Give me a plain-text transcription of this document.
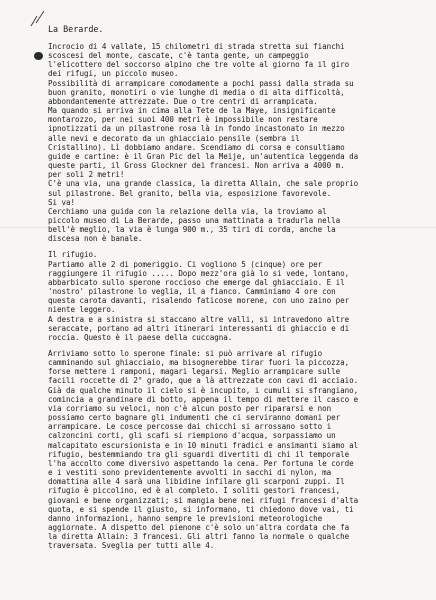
La Berarde.
Incrocio di 4 vallate, 15 chilometri di strada stretta sui fianchi
scoscesi del monte, cascate, c'è tanta gente, un campeggio
l'elicottero del soccorso alpino che tre volte al giorno fa il giro
dei rifugi, un piccolo museo.
Possibilità di arrampicare comodamente a pochi passi dalla strada su
buon granito, monotiri o vie lunghe di media o di alta difficoltà,
abbondantemente attrezzate. Due o tre centri di arrampicata.
Ma quando si arriva in cima alla Tete de la Maye, insignificante
montarozzo, per nei suoi 400 metri è impossibile non restare
ipnotizzati da un pilastrone rosa là in fondo incastonato in mezzo
alle nevi e decorato da un ghiacciaio pensile (sembra il
Cristallino). Lì dobbiamo andare. Scendiamo di corsa e consultiamo
guide e cartine: è il Gran Pic del la Meije, un'autentica leggenda da
queste parti, il Gross Glockner dei francesi. Non arriva a 4000 m.
per soli 2 metri!
C'è una via, una grande classica, la diretta Allain, che sale proprio
sul pilastrone. Bel granito, bella via, esposizione favorevole.
Si va!
Cerchiamo una guida con la relazione della via, la troviamo al
piccolo museo di La Berarde, passo una mattinata a tradurla nella
bell'è meglio, la via è lunga 900 m., 35 tiri di corda, anche la
discesa non è banale.
Il rifugio.
Partiamo alle 2 di pomeriggio. Ci vogliono 5 (cinque) ore per
raggiungere il rifugio ..... Dopo mezz'ora già lo si vede, lontano,
abbarbicato sullo sperone roccioso che emerge dal ghiacciaio. E il
'nostro' pilastrone lo veglia, il a fianco. Camminiamo 4 ore con
questa carota davanti, risalendo faticose morene, con uno zaino per
niente leggero.
A destra e a sinistra si staccano altre valli, si intravedono altre
seraccate, portano ad altri itinerari interessanti di ghiaccio e di
roccia. Questo è il paese della cuccagna.
Arriviamo sotto lo sperone finale: si può arrivare al rifugio
camminando sul ghiacciaio, ma bisognerebbe tirar fuori la piccozza,
forse mettere i ramponi, magari legarsi. Meglio arrampicare sulle
facili roccette di 2° grado, que a là attrezzate con cavi di acciaio.
Già da qualche minuto il cielo si è incupito, i cumuli si sfrangiano,
comincia a grandinare di botto, appena il tempo di mettere il casco e
via corriamo su veloci, non c'è alcun posto per ripararsi e non
possiamo certo bagnare gli indumenti che ci serviranno domani per
arrampicare. Le cosce percosse dai chicchi si arrossano sotto i
calzoncini corti, gli scafi si riempiono d'acqua, sorpassiamo un
malcapitato escursionista e in 10 minuti fradici e ansimanti siamo al
rifugio, bestemmiando tra gli sguardi divertiti di chi il temporale
l'ha accolto come diversivo aspettando la cena. Per fortuna le corde
e i vestiti sono previdentemente avvolti in sacchi di nylon, ma
domattina alle 4 sarà una libidine infilare gli scarponi zuppi. Il
rifugio è piccolino, ed è al completo. I soliti gestori francesi,
giovani e bene organizzati; si mangia bene nei rifugi francesi d'alta
quota, e si spende il giusto, si informano, ti chiedono dove vai, ti
danno informazioni, hanno sempre le previsioni meteorologiche
aggiornate. A dispetto del pienone c'è solo un'altra cordata che fa
la diretta Allain: 3 francesi. Gli altri fanno la normale o qualche
traversata. Sveglia per tutti alle 4.
